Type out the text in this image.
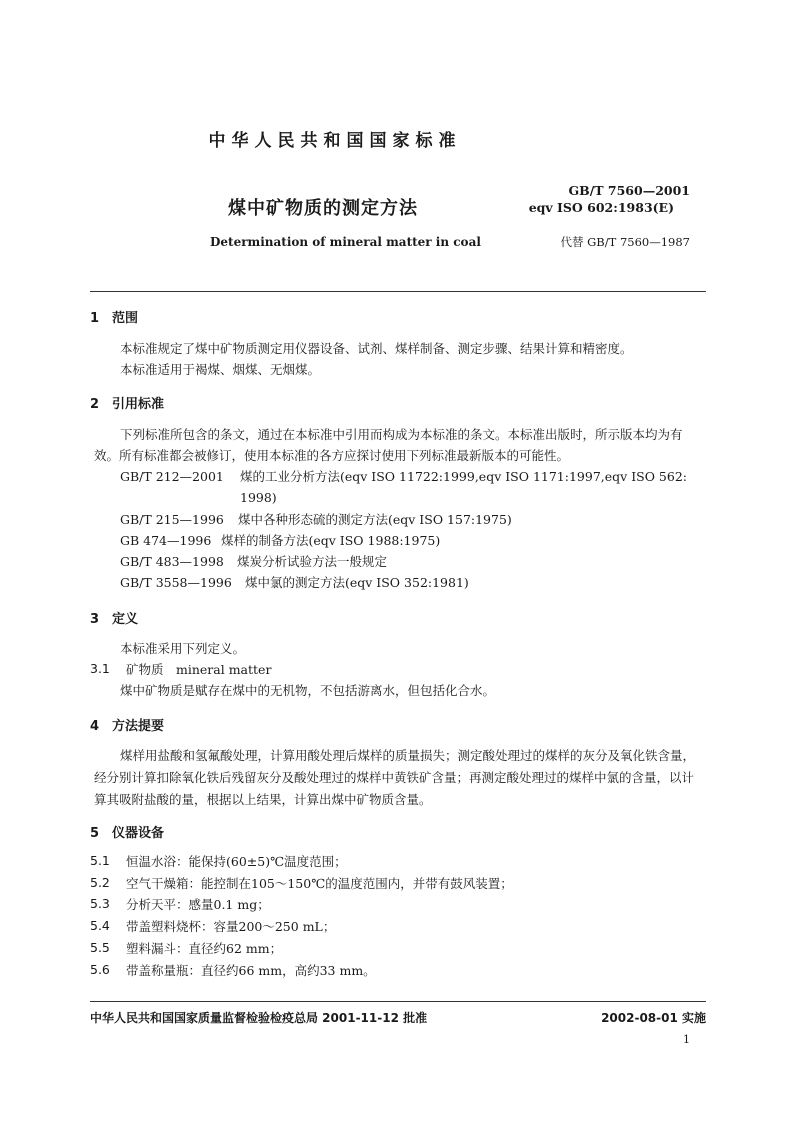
中华人民共和国国家标准
煤中矿物质的测定方法
Determination of mineral matter in coal
GB/T 7560—2001
eqv ISO 602:1983(E)
代替 GB/T 7560—1987
1　范围
本标准规定了煤中矿物质测定用仪器设备、试剂、煤样制备、测定步骤、结果计算和精密度。
本标准适用于褐煤、烟煤、无烟煤。
2　引用标准
下列标准所包含的条文，通过在本标准中引用而构成为本标准的条文。本标准出版时，所示版本均为有效。所有标准都会被修订，使用本标准的各方应探讨使用下列标准最新版本的可能性。
GB/T 212—2001 煤的工业分析方法(eqv ISO 11722:1999,eqv ISO 1171:1997,eqv ISO 562:
1998)
GB/T 215—1996 煤中各种形态硫的测定方法(eqv ISO 157:1975)
GB 474—1996 煤样的制备方法(eqv ISO 1988:1975)
GB/T 483—1998 煤炭分析试验方法一般规定
GB/T 3558—1996 煤中氯的测定方法(eqv ISO 352:1981)
3　定义
本标准采用下列定义。
3.1 矿物质　mineral matter
煤中矿物质是赋存在煤中的无机物，不包括游离水，但包括化合水。
4　方法提要
煤样用盐酸和氢氟酸处理，计算用酸处理后煤样的质量损失；测定酸处理过的煤样的灰分及氧化铁含量，经分别计算扣除氧化铁后残留灰分及酸处理过的煤样中黄铁矿含量；再测定酸处理过的煤样中氯的含量，以计算其吸附盐酸的量，根据以上结果，计算出煤中矿物质含量。
5　仪器设备
5.1 恒温水浴：能保持(60±5)℃温度范围；
5.2 空气干燥箱：能控制在105～150℃的温度范围内，并带有鼓风装置；
5.3 分析天平：感量0.1 mg；
5.4 带盖塑料烧杯：容量200～250 mL；
5.5 塑料漏斗：直径约62 mm；
5.6 带盖称量瓶：直径约66 mm，高约33 mm。
中华人民共和国国家质量监督检验检疫总局 2001-11-12 批准	2002-08-01 实施
1
